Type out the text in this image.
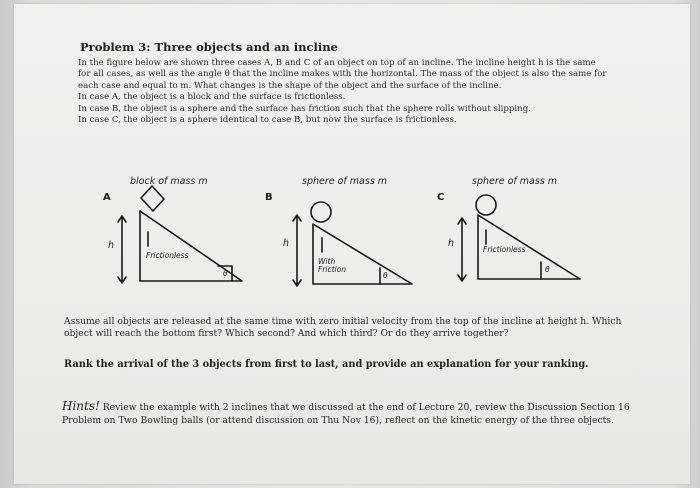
Problem 3: Three objects and an incline

In the figure below are shown three cases A, B and C of an object on top of an incline. The incline height h is the same for all cases, as well as the angle θ that the incline makes with the horizontal. The mass of the object is also the same for each case and equal to m. What changes is the shape of the object and the surface of the incline.

In case A, the object is a block and the surface is frictionless.

In case B, the object is a sphere and the surface has friction such that the sphere rolls without slipping.

In case C, the object is a sphere identical to case B, but now the surface is frictionless.

A
block of mass m
h
Frictionless
θ
B
sphere of mass m
h
With Friction
θ
C
sphere of mass m
h
Frictionless
θ

Assume all objects are released at the same time with zero initial velocity from the top of the incline at height h. Which object will reach the bottom first? Which second? And which third? Or do they arrive together?

Rank the arrival of the 3 objects from first to last, and provide an explanation for your ranking.

Hints! Review the example with 2 inclines that we discussed at the end of Lecture 20, review the Discussion Section 16 Problem on Two Bowling balls (or attend discussion on Thu Nov 16), reflect on the kinetic energy of the three objects.
